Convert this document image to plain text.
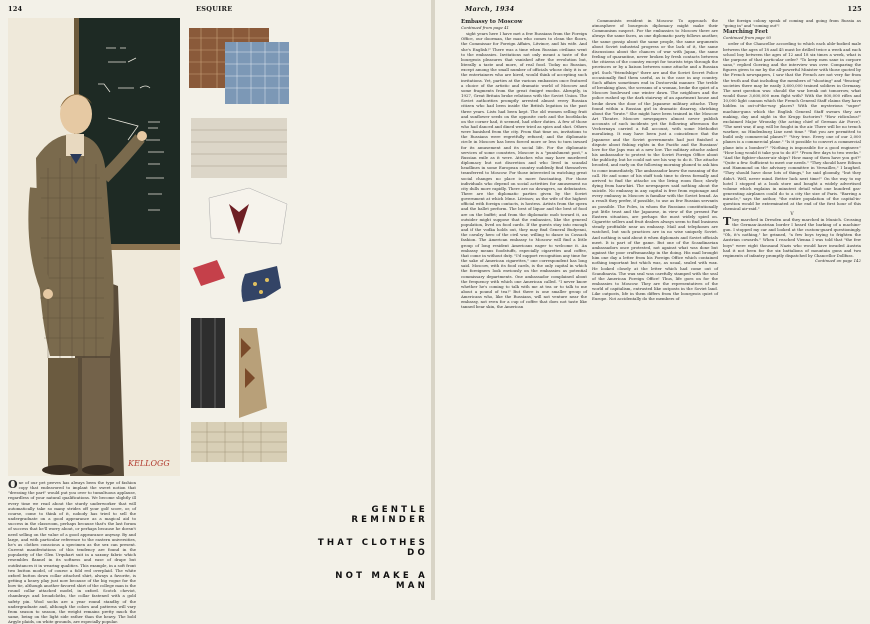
124	ESQUIRE
KELLOGG

One of our pet peeves has always been the type of fashion copy that endeavored to implant the sweet notion that "dressing the part" would put you over to tumultuous applause, regardless of your natural qualifications. We become slightly ill every time we read about the sturdy underworker that will automatically take so many strides off your golf score, or, of course, come to think of it, nobody has tried to sell the undergraduate on a good appearance as a magical aid to success in the classroom, perhaps because that's the last forum of success that he'll worry about, or perhaps because he doesn't need selling on the value of a good appearance anyway. By and large, and with particular reference to the eastern universities, he's as clothes conscious a specimen as the sex can present. Current manifestations of this tendency are found in the popularity of the Glen Urquhart suit in a saxony fabric which resembles flannel in its softness and ease of drape but outdistances it in wearing qualities. This example, in a soft front two button model, of course a fold red overplaid. The white oxford button down collar attached shirt, always a favorite, is getting a heavy play just now because of the big vogue for the bow tie, although another favored shirt of the college man is the round collar attached model, in oxford. Scotch cheviot, chambrays and broadcloths, the collar fastened with a gold safety pin. Wool socks are a year round standby of the undergraduate and, although the colors and patterns will vary from season to season, the weight remains pretty much the same, being on the light side rather than the heavy. The bold Argyle plaids, on white grounds, are especially popular.

GENTLE REMINDER
THAT CLOTHES DO
NOT MAKE A MAN
March, 1934	125
Embassy to Moscow
Continued from page 41

sight years here I have met a few Russians from the Foreign Office, our doorman, the man who comes to clean the floors, the Commissar for Foreign Affairs, Litvinov, and his wife. And she's English!" There was a time when Russian civilians went to the embassies. Invitations not only meant a taste of the bourgeois pleasures that vanished after the revolution but, literally a taste and more, of real food. Today no Russian, except among the small number of officials whose duty it is or the entertainers who are hired, would think of accepting such invitations. Yet, parties at the various embassies once featured a choice of the artistic and dramatic world of Moscow and some fragments from the great émigré exodus. Abruptly, in 1927, Great Britain broke relations with the Soviet Union. The Soviet authorities promptly arrested almost every Russian citizen who had been inside the British legation in the past three years. Lists had been kept. The old women selling fruit and sunflower seeds on the opposite curb and the bootblacks on the corner had, it seemed, had other duties. A few of those who had danced and dined were tried as spies and shot. Others were banished from the city. From that time on, invitations to the Russians were regretfully refused; and the diplomatic circle in Moscow has been forced more or less to turn inward for its amusement and its social life. For the diplomatic services of some countries, Moscow is a "punishment post," a Russian exile as it were. Attaches who may have murdered diplomacy but not discretion and who lived in scandal headlines in some European country suddenly find themselves transferred to Moscow. For those interested in watching great social changes no place is more fascinating. For those individuals who depend on social activities for amusement no city dulls more rapidly. There are no dowagers, no debutantes. There are the diplomatic parties given by the Soviet government at which Mme. Litvinov, as the wife of the highest official with foreign contacts, is hostess. Artists from the opera and the ballet perform. The best of liquor and the best of food are on the buffet; and from the diplomatic mob toward it, an outsider might suppose that the embassies, like the general population, lived on food cards. If the guests stay into enough and if the vodka holds out, they may find General Budyenni, the cavalry hero of the civil war, willing to dance in Cossack fashion. The American embassy to Moscow will find a little group of long resident Americans eager to welcome it. An embassy means foodstuffs, especially cigarettes and coffee, that come in without duty. "I'd support recognition any time for the sake of American cigarettes," one correspondent has long said. Moscow, with its food cards, is the only capital in which the foreigners look enviously on the embassies as potential commissary departments. One ambassador complained about the frequency with which one American called. "I never know whether he's coming to talk with me at tea or to talk to me about a pound of tea!" But there is one smaller group of Americans who, like the Russians, will not venture near the embassy, not even for a cup of coffee that does not taste like tanned bear skin, the American

Communists resident in Moscow. To approach the atmosphere of bourgeois diplomacy might make their Communism suspect. For the embassies to Moscow there are always the same faces, as one diplomatic party follows another, the same gossip about the same people, the same arguments about Soviet industrial progress or the lack of it, the same discussions about the chances of war with Japan, the same feeling of quarantine, never broken by fresh contacts between the citizens of the country except for tourists trips through the provinces or by a liaison between some attache and a Russian girl. Such "friendships" there are and the Soviet Secret Police occasionally find them useful, as is the case in any country. Such affairs sometimes end in Dostoevski manner. The treble of breaking glass, the screams of a woman, broke the quiet of a Moscow boulevard one winter dawn. The neighbors and the police rushed up the dark stairway of an apartment house and broke down the door of the Japanese military attache. They found within a Russian girl in dramatic disarray, shrieking about the "brute." She might have been trained in the Moscow Art Theatre. Moscow newspapers almost never publish accounts of such incidents yet the following afternoon the Vechernaya carried a full account, with some Methodist moralizing. It may have been just a coincidence that the Japanese and the Soviet governments had just finished a dispute about fishing rights in the Pacific and the Russians' love for the Japs was at a new low. The military attache asked his ambassador to protest to the Soviet Foreign Office about the publicity, but he could not see his way to do it. The attache brooded, and early on the following morning phoned to ask him to come immediately. The ambassador knew the meaning of the call. He and some of his staff took time to dress formally and arrived to find the attache on the living room floor, slowly dying from hara-kiri. The newspapers said nothing about the suicide. No embassy in any capital is free from espionage and every embassy in Moscow is familiar with the Soviet brand. As a result they prefer, if possible, to use as few Russian servants as possible. The Poles, in whom the Russians constitutionally put little trust and the Japanese, in view of the present Far Eastern situation, are perhaps the most widely spied on. Cigarette sellers and fruit dealers always seem to find business steady profitable near an embassy. Mail and telephones are watched, but such practices are in no wise uniquely Soviet. And nothing is said about it when diplomats and Soviet officials meet. It is part of the game. But one of the Scandinavian ambassadors once protested, not against what was done but against the poor craftsmanship in the doing. His mail brought him one day a letter from his Foreign Office which contained nothing important but which was, as usual, sealed with wax. He looked closely at the letter which had come out of Scandinavia. The wax seal was carefully stamped with the seal of the American Foreign Office! Thus, life goes on for the embassies to Moscow. They are the representatives of the world of capitalism, entrusted like outposts in the Soviet land. Like outposts, life in them differs from the bourgeois quiet of Europe. Not accidentally do the members of

the foreign colony speak of coming and going from Russia as "going in" and "coming out"!

Marching Feet
Continued from page 93

order of the Chancellor according to which each able-bodied male between the ages of 18 and 45 must be drilled twice a week and each school boy between the ages of 12 and 18 six times a week, what is the purpose of that particular order? "To keep men sane in corpore sano," replied Goering and the interview was over. Comparing the figures given to me by the all-powerful Minister with those quoted by the French newspapers, I saw that the French are not very far from the truth and that including the members of "shooting" and "fencing" societies there may be easily 3,600,000 trained soldiers in Germany. The next question was: should the war break out tomorrow, what would those 3,600,000 men fight with? With the 800,000 rifles and 10,000 light cannon which the French General Staff claims they have hidden in out-of-the-way places? With the mysterious "super" machine-guns which the English General Staff swears they are making, day and night in the Krupp factories? "How ridiculous!" exclaimed Major Wronsky (the acting chief of German Air Force). "The next war, if any, will be fought in the air. There will be no trench warfare, no Hindenburg Line next time." "But you are permitted to build only commercial planes?" "Very true. Every one of our 2,000 planes is a commercial plane." "Is it possible to convert a commercial plane into a bomber?" "Nothing is impossible for a good engineer." "How long would it take you to do it?" "From five days to two weeks." "And the fighter-chaser-air ships? How many of them have you got?" "Quite a few. Sufficient to meet our needs." "They should have Edison and Hammond on the advisory committee in Versailles," I laughed. "They should have done lots of things," he said gloomily, "but they didn't. Well, never mind. Better luck next time!" On the way to my hotel I stopped at a book store and bought a widely advertised volume which explains in minutest detail what one hundred gas-generating airplanes could do to a city the size of Paris. "Barring a miracle," says the author, "the entire population of the capital-in-question would be exterminated at the end of the first hour of this chemical air-raid."

V

They marched in Dresden and they marched in Munich. Crossing the German-Austrian border I heard the barking of a machine-gun. I stopped my car and looked at the custom-guard questioningly. "Oh, it's nothing," he grinned, "a few boys trying to frighten the Austrian cowards." When I reached Vienna I was told that "the few boys" were eight thousand Nazis who would have invaded Austria had it not been for the six battalions of mountain guns and two regiments of infantry promptly dispatched by Chancellor Dollfuss.

Continued on page 142
